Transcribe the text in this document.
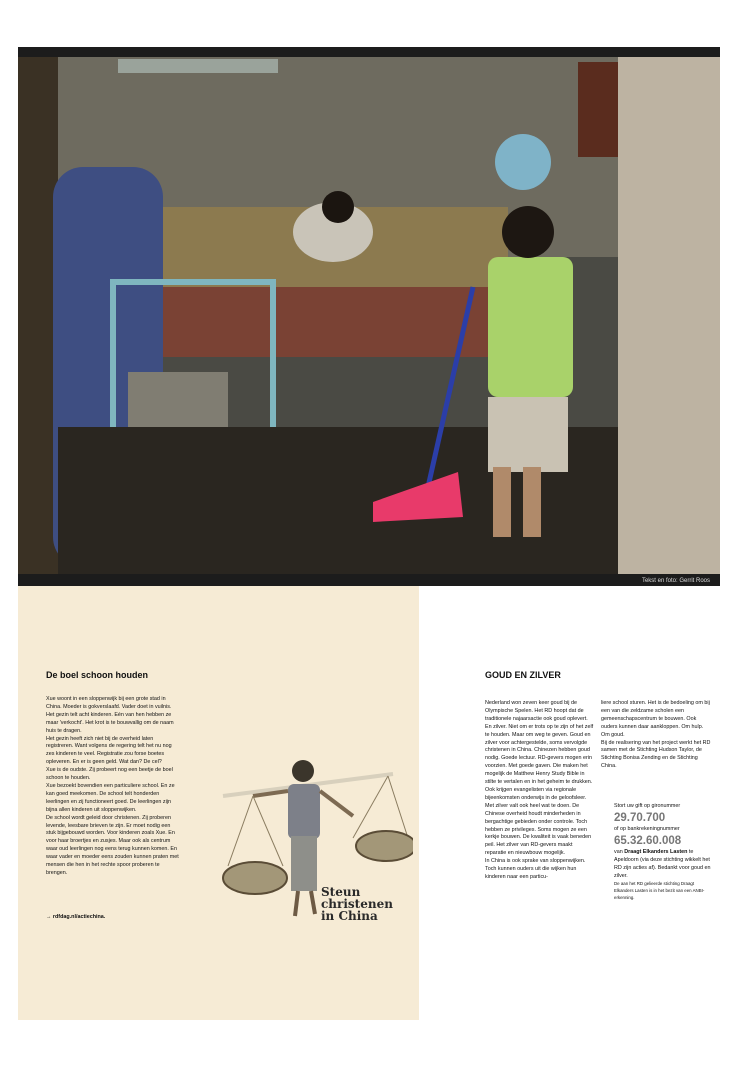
Tekst en foto: Gerrit Roos
De boel schoon houden

Xue woont in een sloppenwijk bij een grote stad in China. Moeder is gokverslaafd. Vader doet in vuilnis. Het gezin telt acht kinderen. Eén van hen hebben ze maar 'verkocht'. Het krot is te bouwvallig om de naam huis te dragen.

Het gezin heeft zich niet bij de overheid laten registreren. Want volgens de regering telt het nu nog zes kinderen te veel. Registratie zou forse boetes opleveren. En er is geen geld. Wat dan? De cel?

Xue is de oudste. Zij probeert nog een beetje de boel schoon te houden.

Xue bezoekt bovendien een particuliere school. En ze kan goed meekomen. De school telt honderden leerlingen en zij functioneert goed. De leerlingen zijn bijna allen kinderen uit sloppenwijken.

De school wordt geleid door christenen. Zij proberen levende, leesbare brieven te zijn. Er moet nodig een stuk bijgebouwd worden. Voor kinderen zoals Xue. En voor haar broertjes en zusjes. Maar ook als centrum waar oud leerlingen nog eens terug kunnen komen. En waar vader en moeder eens zouden kunnen praten met mensen die hen in het rechte spoor proberen te brengen.

→ rdfdag.nl/actiechina.
Steun
christenen
in China
GOUD EN ZILVER

Nederland won zeven keer goud bij de Olympische Spelen. Het RD hoopt dat de traditionele najaarsactie ook goud oplevert. En zilver. Niet om er trots op te zijn of het zelf te houden. Maar om weg te geven. Goud en zilver voor achtergestelde, soms vervolgde christenen in China. Chinezen hebben goud nodig. Goede lectuur. RD-gevers mogen erin voorzien. Met goede gaven. Die maken het mogelijk de Matthew Henry Study Bible in stilte te vertalen en in het geheim te drukken. Ook krijgen evangelisten via regionale bijeenkomsten onderwijs in de geloofsleer.

Met zilver valt ook heel wat te doen. De Chinese overheid houdt minderheden in bergachtige gebieden onder controle. Toch hebben ze privileges. Soms mogen ze een kerkje bouwen. De kwaliteit is vaak beneden peil. Het zilver van RD-gevers maakt reparatie en nieuwbouw mogelijk.

In China is ook sprake van sloppenwijken. Toch kunnen ouders uit die wijken hun kinderen naar een particu-

liere school sturen. Het is de bedoeling om bij een van die zeldzame scholen een gemeenschapscentrum te bouwen. Ook ouders kunnen daar aankloppen. Om hulp. Om goud.

Bij de realisering van het project werkt het RD samen met de Stichting Hudson Taylor, de Stichting Bonisa Zending en de Stichting China.

Stort uw gift op gironummer

29.70.700

of op bankrekeningnummer

65.32.60.008

van Draagt Elkanders Lasten te Apeldoorn (via deze stichting wikkelt het RD zijn acties af). Bedankt voor goud en zilver.

De aan het RD gelieerde stichting Draagt Elkanders Lasten is in het bezit van een ANBI-erkenning.
